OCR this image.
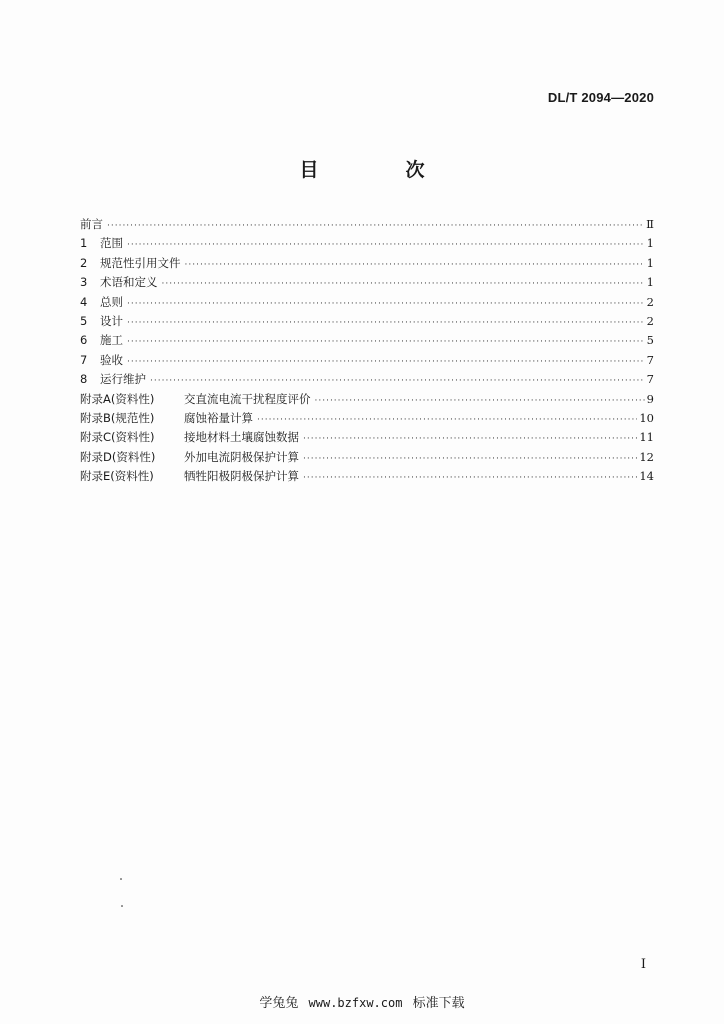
DL/T 2094—2020
目　次
前言 ·····	Ⅱ
1	范围 ·····	1
2	规范性引用文件 ·····	1
3	术语和定义 ·····	1
4	总则 ·····	2
5	设计 ·····	2
6	施工 ·····	5
7	验收 ·····	7
8	运行维护 ·····	7
附录A(资料性)	交直流电流干扰程度评价 ·····	9
附录B(规范性)	腐蚀裕量计算 ·····	10
附录C(资料性)	接地材料土壤腐蚀数据 ·····	11
附录D(资料性)	外加电流阴极保护计算 ·····	12
附录E(资料性)	牺牲阳极阴极保护计算 ·····	14
I
学兔兔 www.bzfxw.com 标准下载
